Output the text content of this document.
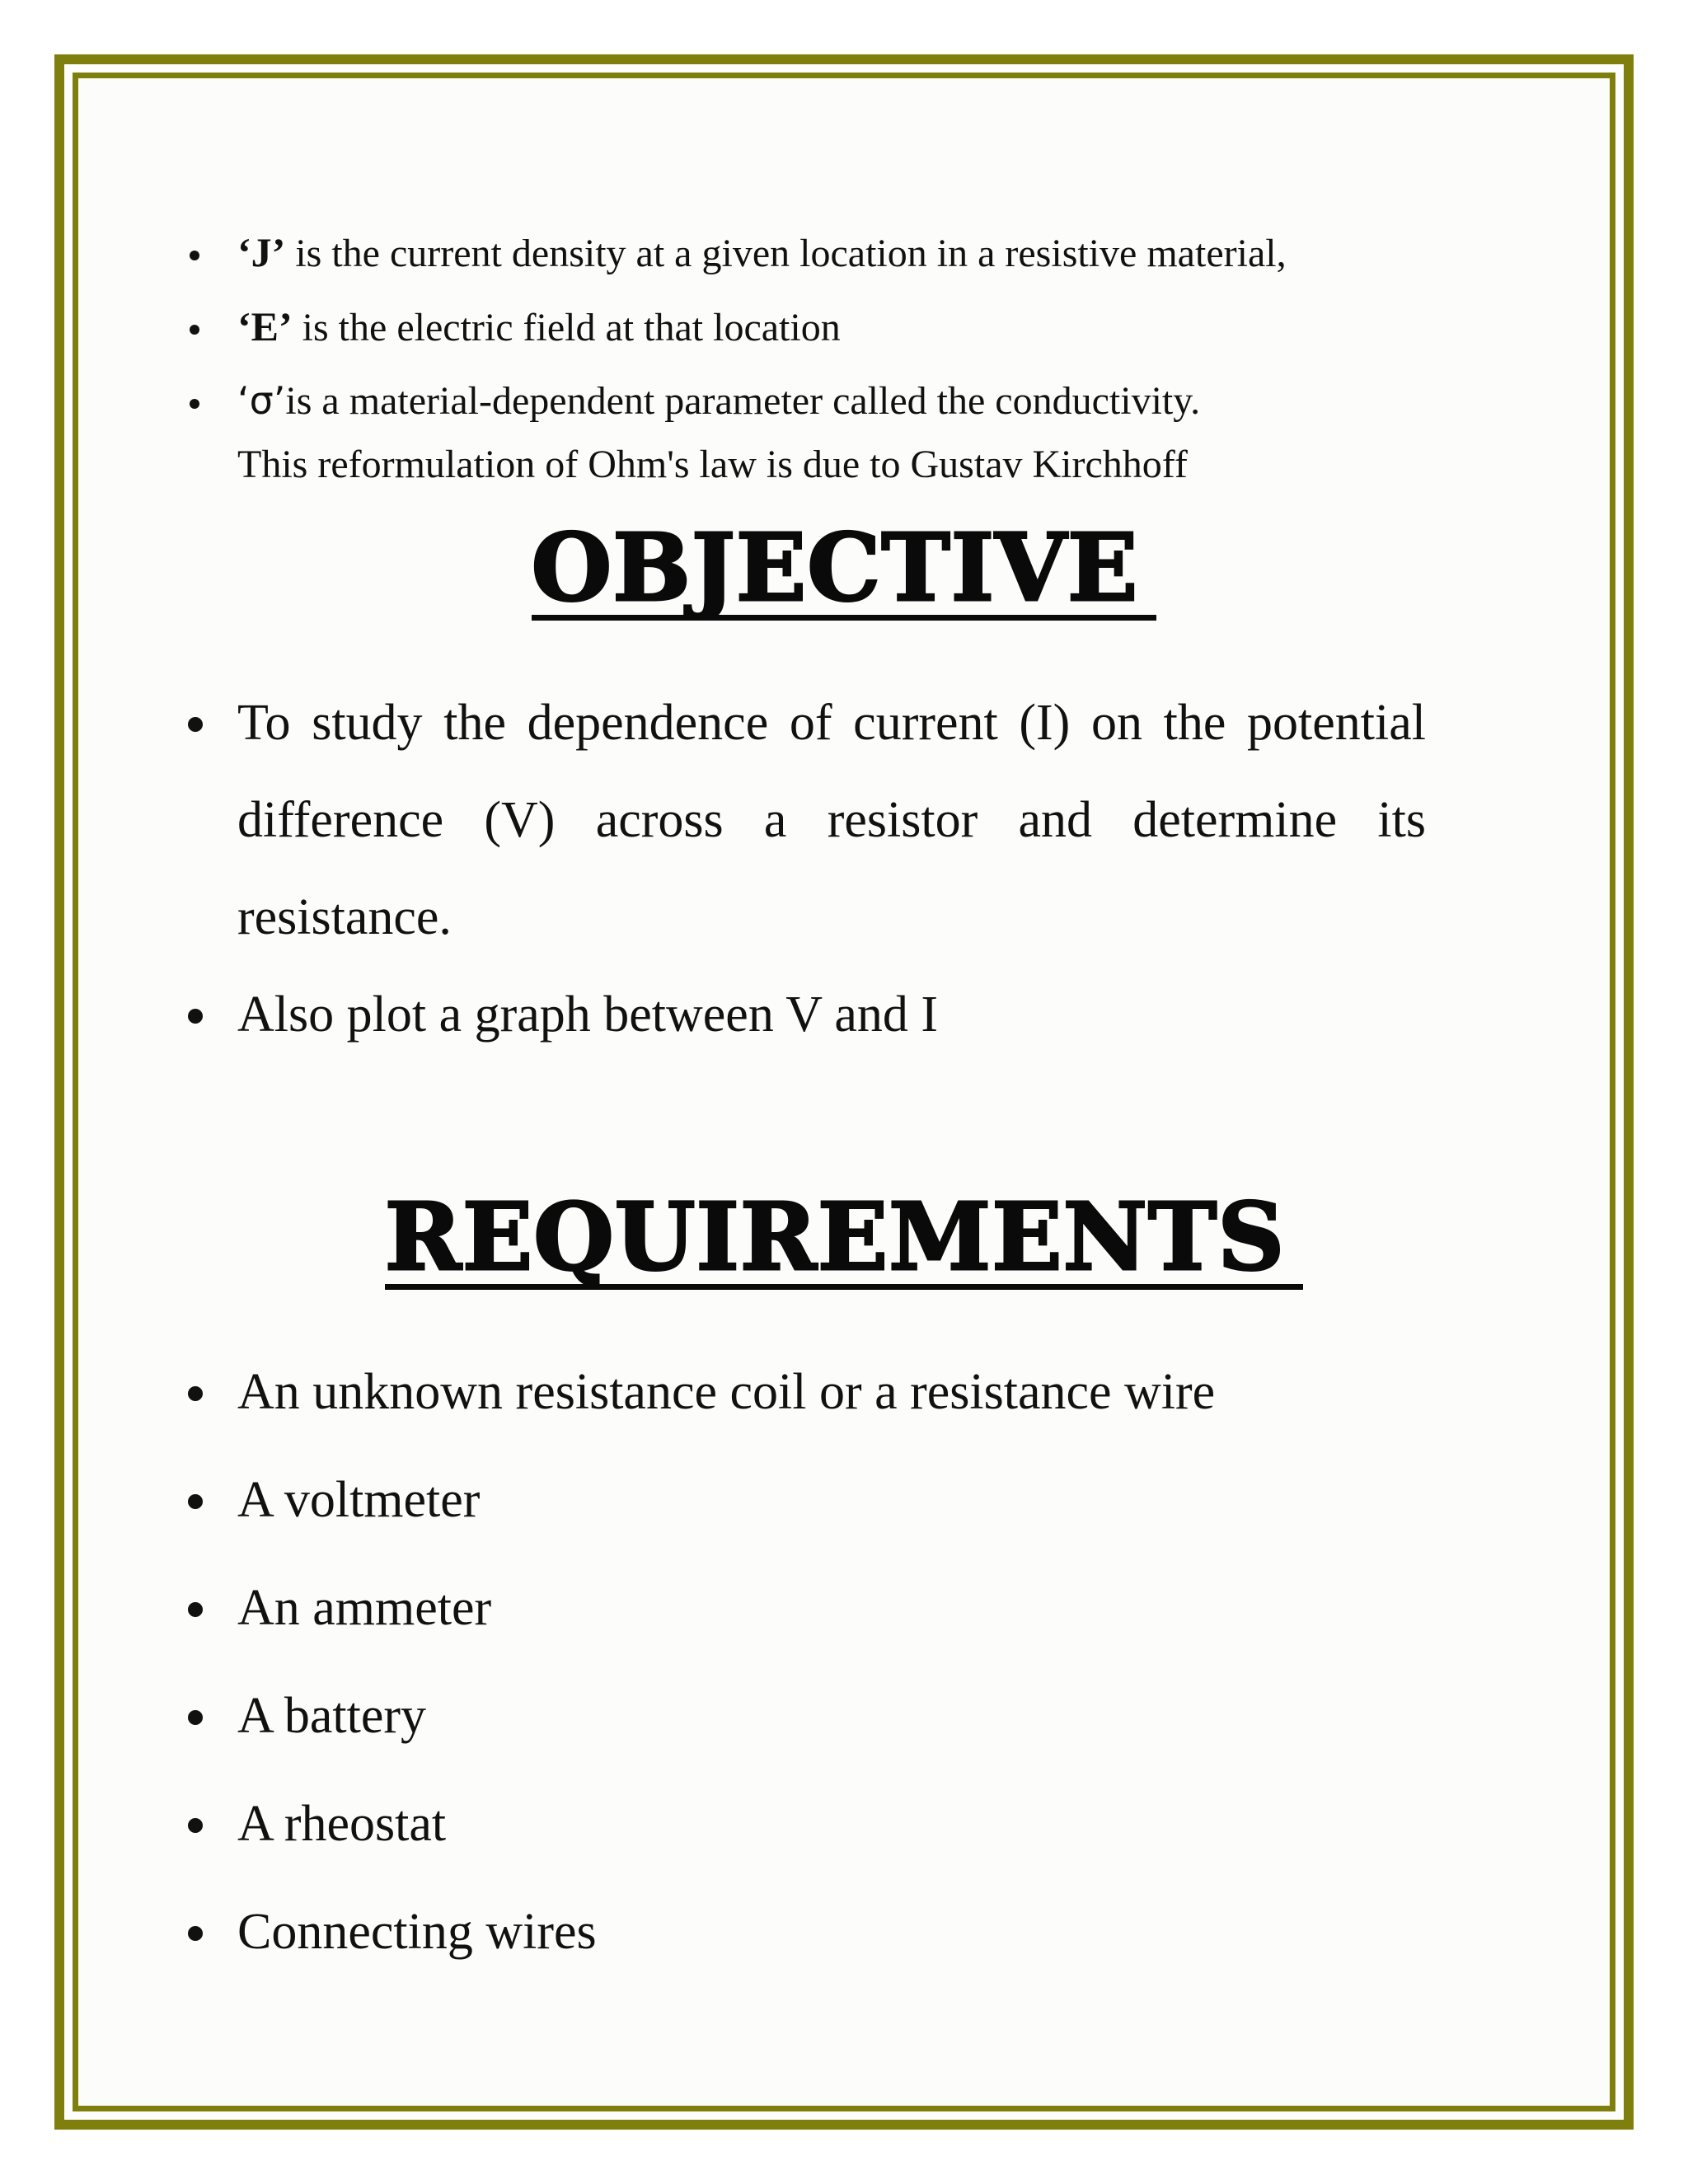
‘J’ is the current density at a given location in a resistive material,
‘E’ is the electric field at that location
‘σ’is a material-dependent parameter called the conductivity.
This reformulation of Ohm's law is due to Gustav Kirchhoff
OBJECTIVE
To study the dependence of current (I) on the potential difference (V) across a resistor and determine its resistance.
Also plot a graph between V and I
REQUIREMENTS
An unknown resistance coil or a resistance wire
A voltmeter
An ammeter
A battery
A rheostat
Connecting wires
